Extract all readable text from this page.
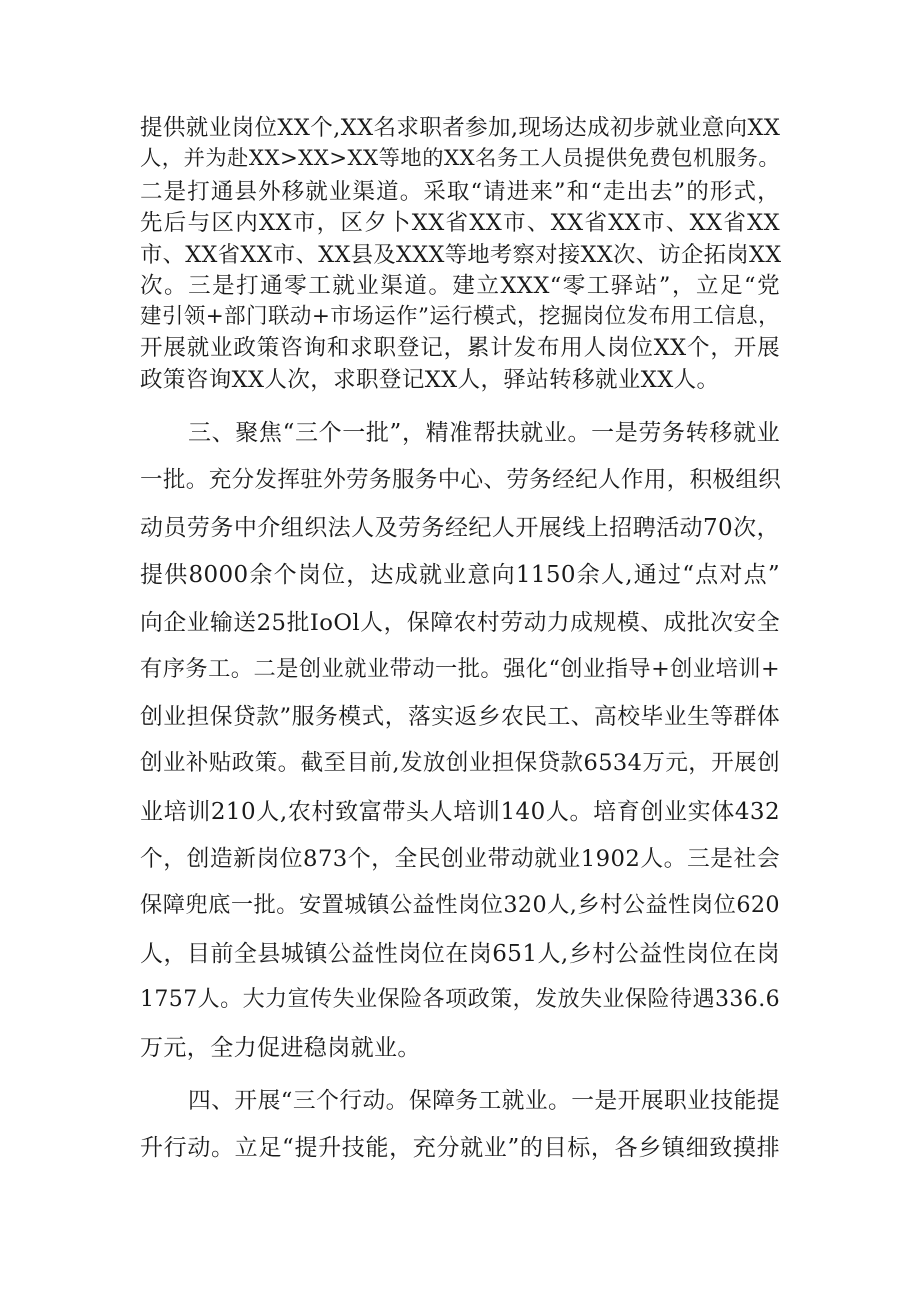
提供就业岗位XX个,XX名求职者参加,现场达成初步就业意向XX
人，并为赴XX>XX>XX等地的XX名务工人员提供免费包机服务。
二是打通县外移就业渠道。采取“请进来”和“走出去”的形式，
先后与区内XX市，区夕卜XX省XX市、XX省XX市、XX省XX
市、XX省XX市、XX县及XXX等地考察对接XX次、访企拓岗XX
次。三是打通零工就业渠道。建立XXX“零工驿站”，立足“党
建引领+部门联动+市场运作”运行模式，挖掘岗位发布用工信息，
开展就业政策咨询和求职登记，累计发布用人岗位XX个，开展
政策咨询XX人次，求职登记XX人，驿站转移就业XX人。
三、聚焦“三个一批”，精准帮扶就业。一是劳务转移就业
一批。充分发挥驻外劳务服务中心、劳务经纪人作用，积极组织
动员劳务中介组织法人及劳务经纪人开展线上招聘活动70次，
提供8000余个岗位，达成就业意向1150余人,通过“点对点”
向企业输送25批IoOl人，保障农村劳动力成规模、成批次安全
有序务工。二是创业就业带动一批。强化“创业指导+创业培训+
创业担保贷款”服务模式，落实返乡农民工、高校毕业生等群体
创业补贴政策。截至目前,发放创业担保贷款6534万元，开展创
业培训210人,农村致富带头人培训140人。培育创业实体432
个，创造新岗位873个，全民创业带动就业1902人。三是社会
保障兜底一批。安置城镇公益性岗位320人,乡村公益性岗位620
人，目前全县城镇公益性岗位在岗651人,乡村公益性岗位在岗
1757人。大力宣传失业保险各项政策，发放失业保险待遇336.6
万元，全力促进稳岗就业。
四、开展“三个行动。保障务工就业。一是开展职业技能提
升行动。立足“提升技能，充分就业”的目标，各乡镇细致摸排
